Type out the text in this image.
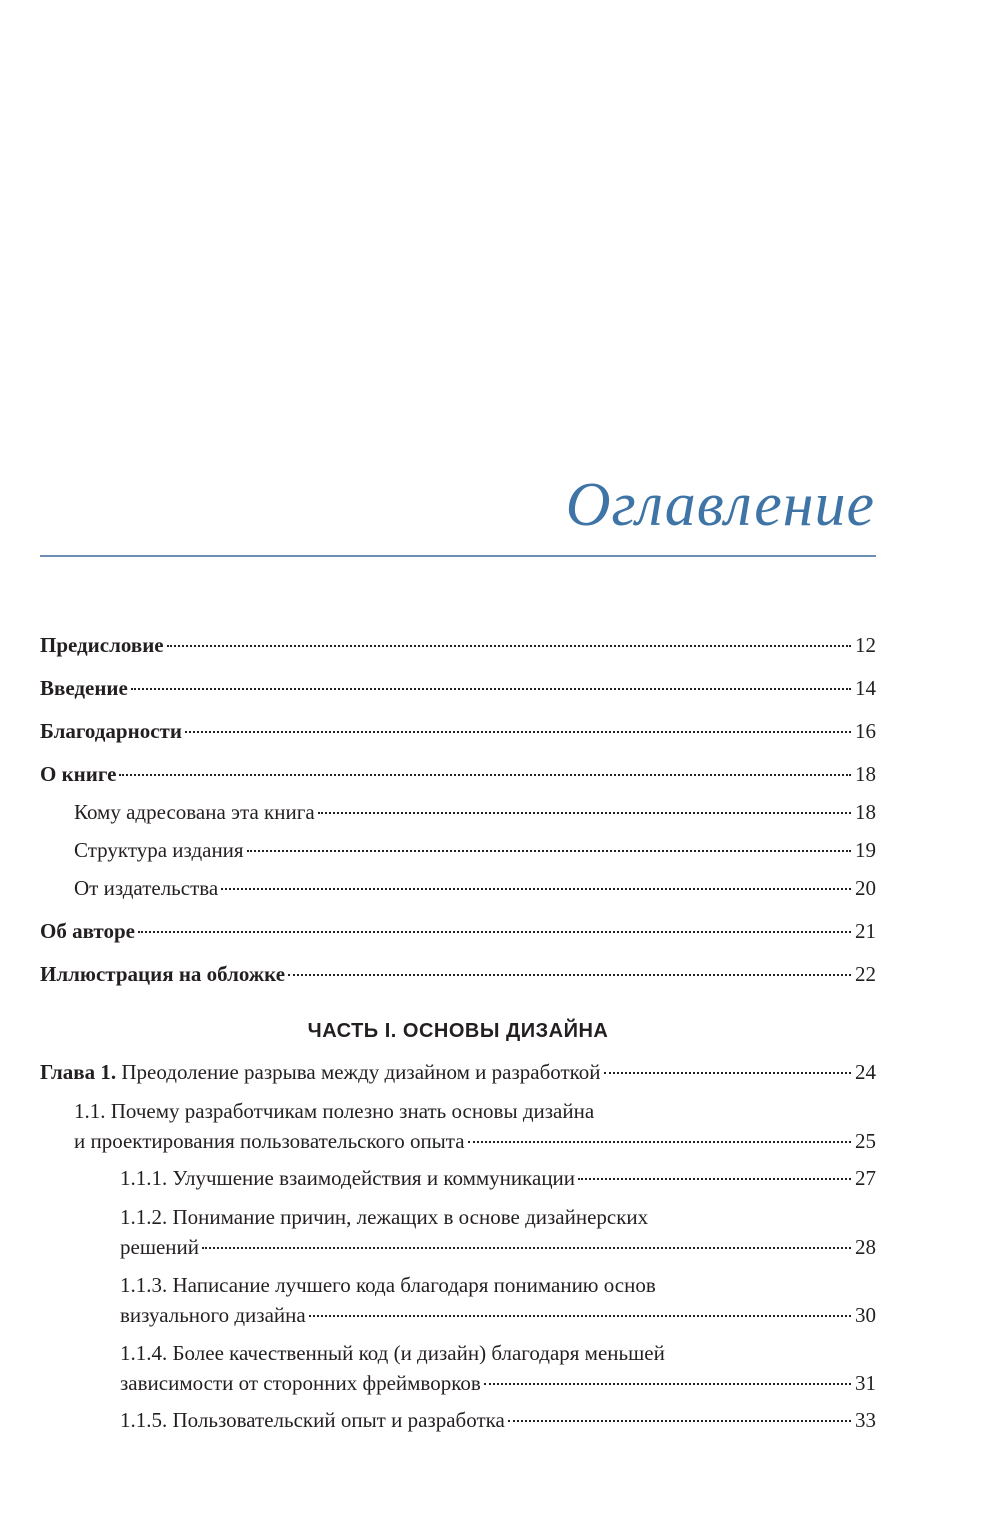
Оглавление
Предисловие	12
Введение	14
Благодарности	16
О книге	18
Кому адресована эта книга	18
Структура издания	19
От издательства	20
Об авторе	21
Иллюстрация на обложке	22
ЧАСТЬ I. ОСНОВЫ ДИЗАЙНА
Глава 1. Преодоление разрыва между дизайном и разработкой	24
1.1. Почему разработчикам полезно знать основы дизайна
и проектирования пользовательского опыта	25
1.1.1. Улучшение взаимодействия и коммуникации	27
1.1.2. Понимание причин, лежащих в основе дизайнерских
решений	28
1.1.3. Написание лучшего кода благодаря пониманию основ
визуального дизайна	30
1.1.4. Более качественный код (и дизайн) благодаря меньшей
зависимости от сторонних фреймворков	31
1.1.5. Пользовательский опыт и разработка	33
